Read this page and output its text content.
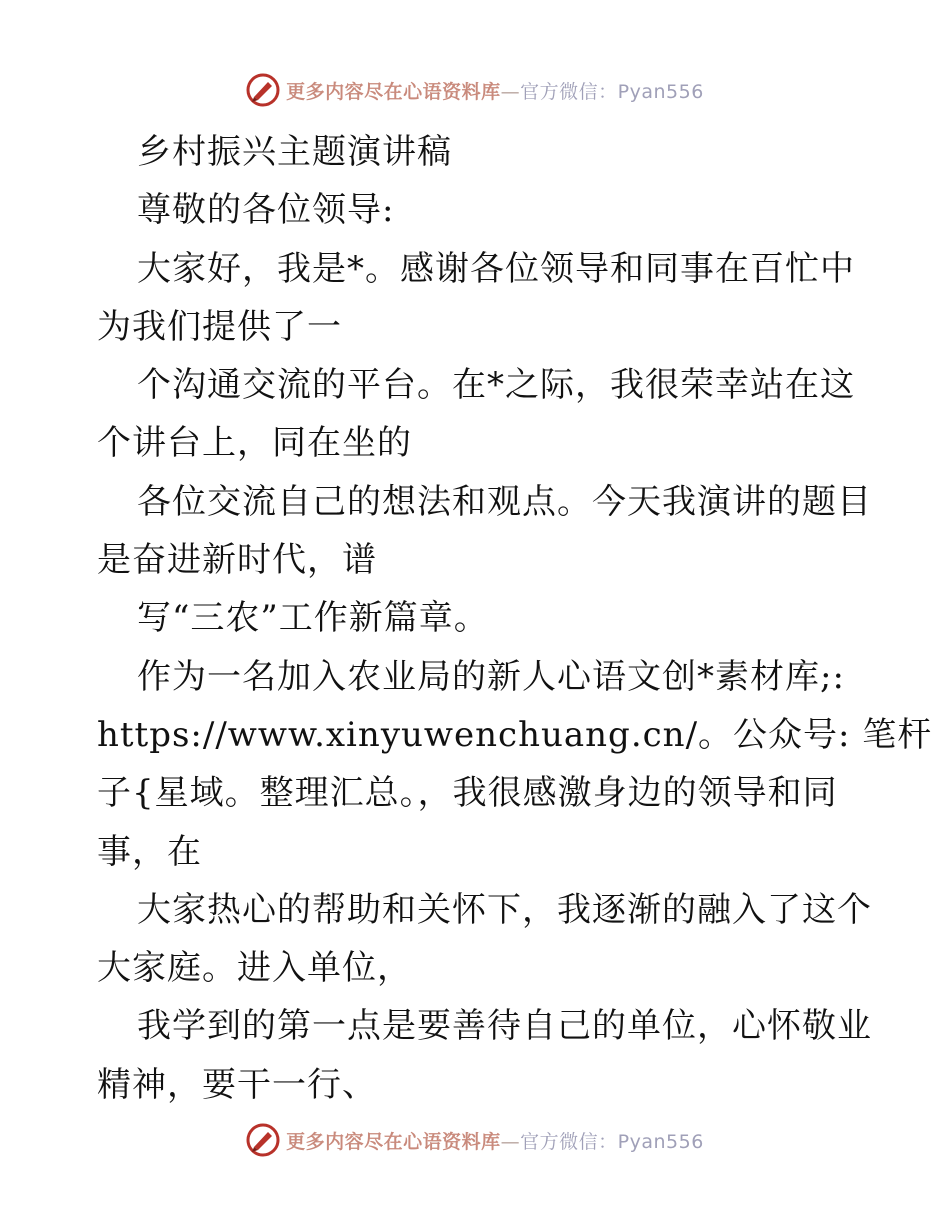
更多内容尽在心语资料库—官方微信：Pyan556
乡村振兴主题演讲稿
尊敬的各位领导:
大家好，我是*。感谢各位领导和同事在百忙中
为我们提供了一
个沟通交流的平台。在*之际，我很荣幸站在这
个讲台上，同在坐的
各位交流自己的想法和观点。今天我演讲的题目
是奋进新时代，谱
写“三农”工作新篇章。
作为一名加入农业局的新人心语文创*素材库;:
https://www.xinyuwenchuang.cn/。公众号: 笔杆
子{星域。整理汇总。，我很感激身边的领导和同
事，在
大家热心的帮助和关怀下，我逐渐的融入了这个
大家庭。进入单位，
我学到的第一点是要善待自己的单位，心怀敬业
精神，要干一行、
更多内容尽在心语资料库—官方微信：Pyan556
